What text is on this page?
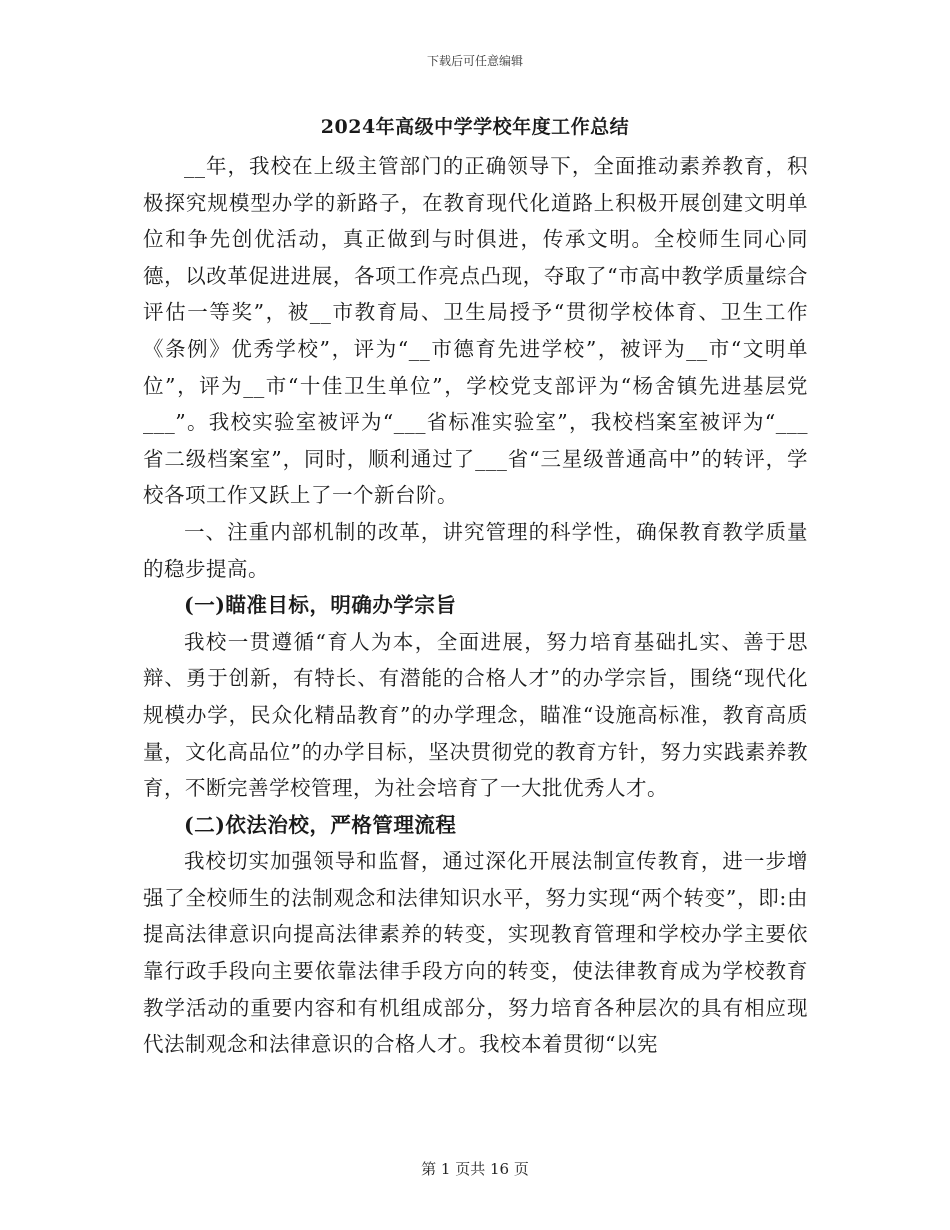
下载后可任意编辑
2024年高级中学学校年度工作总结

__年，我校在上级主管部门的正确领导下，全面推动素养教育，积极探究规模型办学的新路子，在教育现代化道路上积极开展创建文明单位和争先创优活动，真正做到与时俱进，传承文明。全校师生同心同德，以改革促进进展，各项工作亮点凸现，夺取了“市高中教学质量综合评估一等奖”，被__市教育局、卫生局授予“贯彻学校体育、卫生工作《条例》优秀学校”，评为“__市德育先进学校”，被评为__市“文明单位”，评为__市“十佳卫生单位”，学校党支部评为“杨舍镇先进基层党___”。我校实验室被评为“___省标准实验室”，我校档案室被评为“___省二级档案室”，同时，顺利通过了___省“三星级普通高中”的转评，学校各项工作又跃上了一个新台阶。

一、注重内部机制的改革，讲究管理的科学性，确保教育教学质量的稳步提高。

(一)瞄准目标，明确办学宗旨

我校一贯遵循“育人为本，全面进展，努力培育基础扎实、善于思辩、勇于创新，有特长、有潜能的合格人才”的办学宗旨，围绕“现代化规模办学，民众化精品教育”的办学理念，瞄准“设施高标准，教育高质量，文化高品位”的办学目标，坚决贯彻党的教育方针，努力实践素养教育，不断完善学校管理，为社会培育了一大批优秀人才。

(二)依法治校，严格管理流程

我校切实加强领导和监督，通过深化开展法制宣传教育，进一步增强了全校师生的法制观念和法律知识水平，努力实现“两个转变”，即:由提高法律意识向提高法律素养的转变，实现教育管理和学校办学主要依靠行政手段向主要依靠法律手段方向的转变，使法律教育成为学校教育教学活动的重要内容和有机组成部分，努力培育各种层次的具有相应现代法制观念和法律意识的合格人才。我校本着贯彻“以宪

第 1 页共 16 页
